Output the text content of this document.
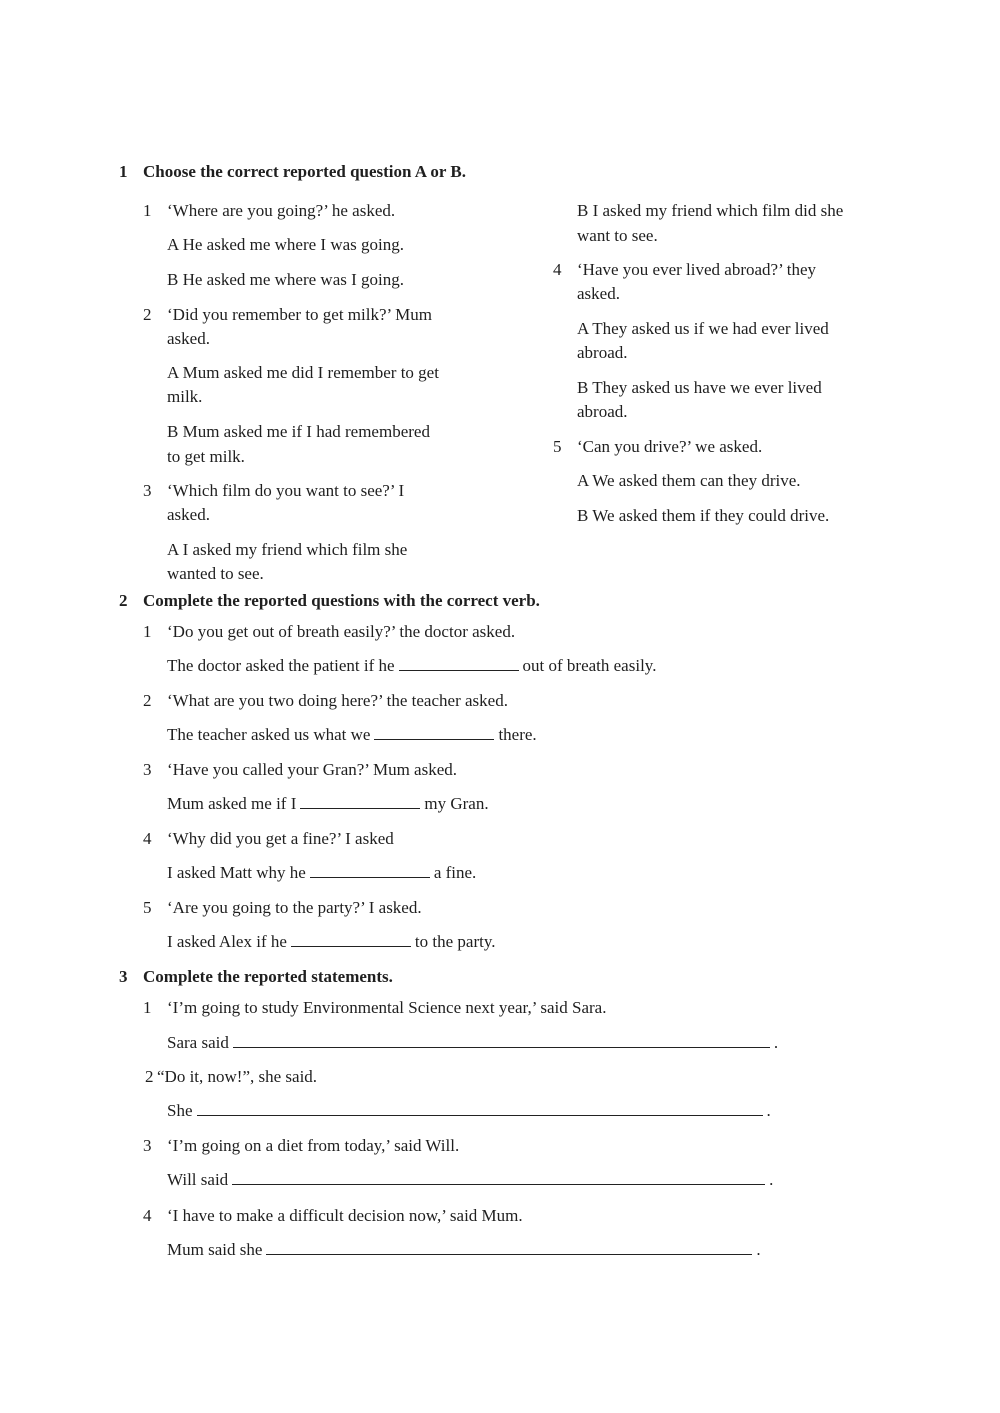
1 Choose the correct reported question A or B.
1 ‘Where are you going?’ he asked.
A He asked me where I was going.
B He asked me where was I going.
2 ‘Did you remember to get milk?’ Mum
asked.
A Mum asked me did I remember to get
milk.
B Mum asked me if I had remembered
to get milk.
3 ‘Which film do you want to see?’ I
asked.
A I asked my friend which film she
wanted to see.
B I asked my friend which film did she
want to see.
4 ‘Have you ever lived abroad?’ they
asked.
A They asked us if we had ever lived
abroad.
B They asked us have we ever lived
abroad.
5 ‘Can you drive?’ we asked.
A We asked them can they drive.
B We asked them if they could drive.
2 Complete the reported questions with the correct verb.
1 ‘Do you get out of breath easily?’ the doctor asked.
The doctor asked the patient if he	out of breath easily.
2 ‘What are you two doing here?’ the teacher asked.
The teacher asked us what we	there.
3 ‘Have you called your Gran?’ Mum asked.
Mum asked me if I	my Gran.
4 ‘Why did you get a fine?’ I asked
I asked Matt why he	a fine.
5 ‘Are you going to the party?’ I asked.
I asked Alex if he	to the party.
3 Complete the reported statements.
1 ‘I’m going to study Environmental Science next year,’ said Sara.
Sara said	.
2 “Do it, now!”, she said.
She	.
3 ‘I’m going on a diet from today,’ said Will.
Will said	.
4 ‘I have to make a difficult decision now,’ said Mum.
Mum said she	.
